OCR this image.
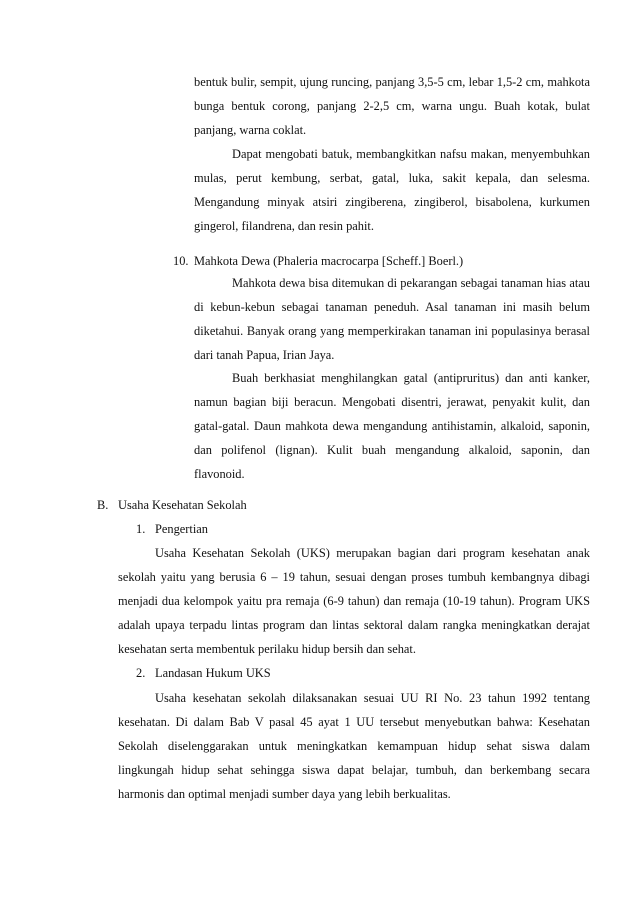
bentuk bulir, sempit, ujung runcing, panjang 3,5-5 cm, lebar 1,5-2 cm, mahkota bunga bentuk corong, panjang 2-2,5 cm, warna ungu. Buah kotak, bulat panjang, warna coklat.

Dapat mengobati batuk, membangkitkan nafsu makan, menyembuhkan mulas, perut kembung, serbat, gatal, luka, sakit kepala, dan selesma. Mengandung minyak atsiri zingiberena, zingiberol, bisabolena, kurkumen gingerol, filandrena, dan resin pahit.

10. Mahkota Dewa (Phaleria macrocarpa [Scheff.] Boerl.)

Mahkota dewa bisa ditemukan di pekarangan sebagai tanaman hias atau di kebun-kebun sebagai tanaman peneduh. Asal tanaman ini masih belum diketahui. Banyak orang yang memperkirakan tanaman ini populasinya berasal dari tanah Papua, Irian Jaya.

Buah berkhasiat menghilangkan gatal (antipruritus) dan anti kanker, namun bagian biji beracun. Mengobati disentri, jerawat, penyakit kulit, dan gatal-gatal. Daun mahkota dewa mengandung antihistamin, alkaloid, saponin, dan polifenol (lignan). Kulit buah mengandung alkaloid, saponin, dan flavonoid.

B. Usaha Kesehatan Sekolah
1. Pengertian

Usaha Kesehatan Sekolah (UKS) merupakan bagian dari program kesehatan anak sekolah yaitu yang berusia 6 – 19 tahun, sesuai dengan proses tumbuh kembangnya dibagi menjadi dua kelompok yaitu pra remaja (6-9 tahun) dan remaja (10-19 tahun). Program UKS adalah upaya terpadu lintas program dan lintas sektoral dalam rangka meningkatkan derajat kesehatan serta membentuk perilaku hidup bersih dan sehat.

2. Landasan Hukum UKS

Usaha kesehatan sekolah dilaksanakan sesuai UU RI No. 23 tahun 1992 tentang kesehatan. Di dalam Bab V pasal 45 ayat 1 UU tersebut menyebutkan bahwa: Kesehatan Sekolah diselenggarakan untuk meningkatkan kemampuan hidup sehat siswa dalam lingkungah hidup sehat sehingga siswa dapat belajar, tumbuh, dan berkembang secara harmonis dan optimal menjadi sumber daya yang lebih berkualitas.
